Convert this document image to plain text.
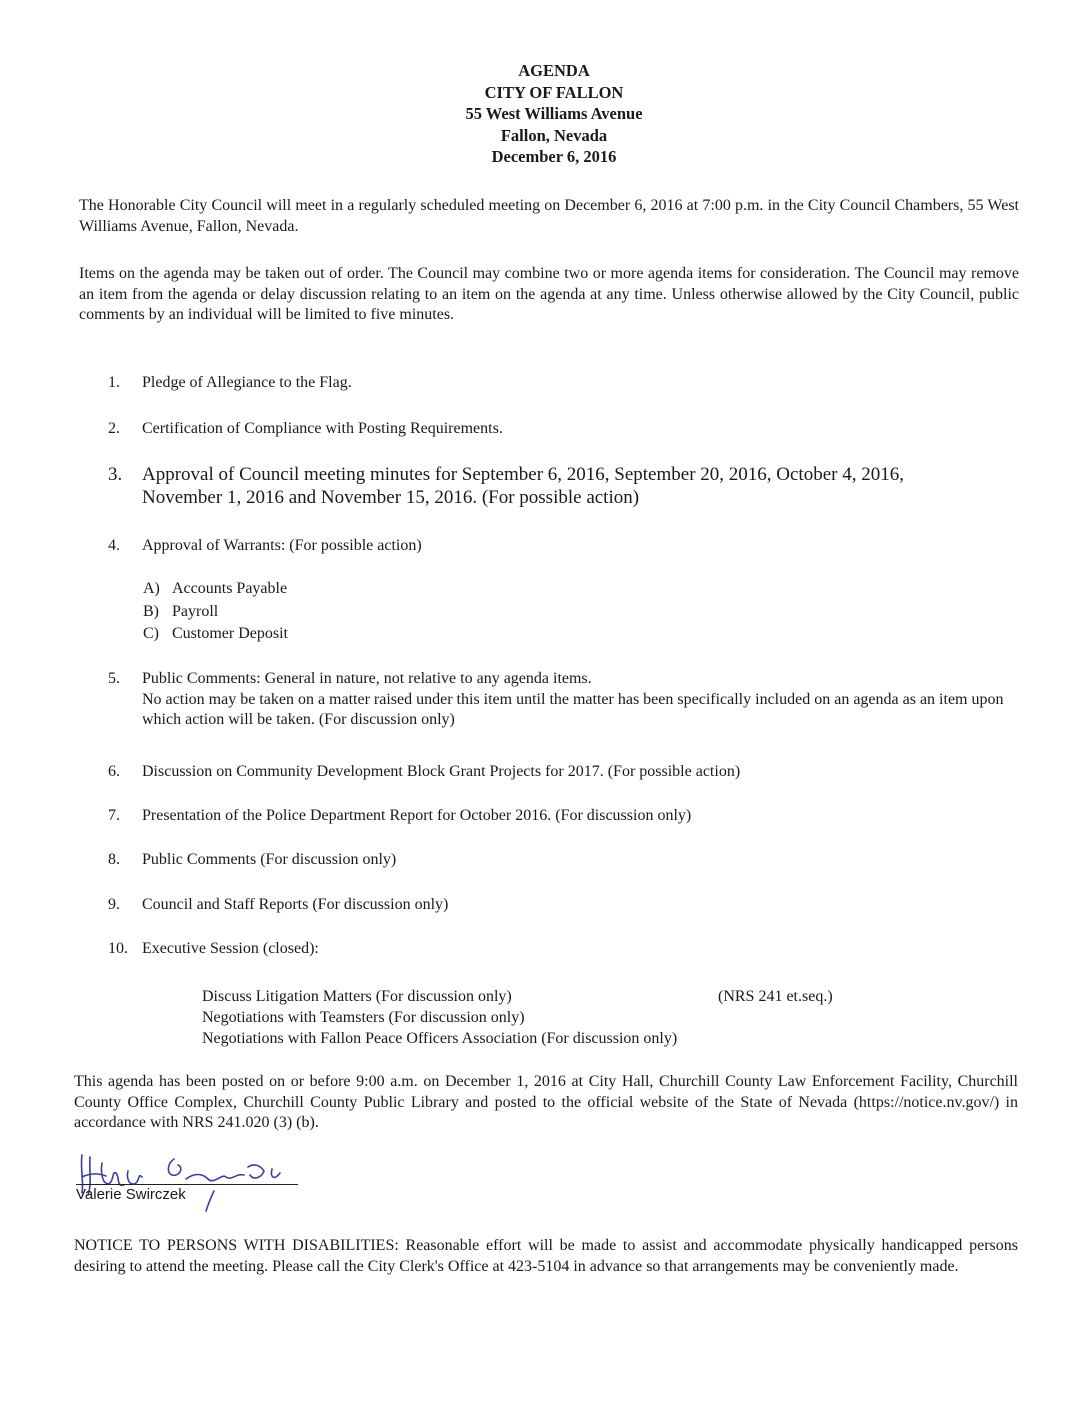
AGENDA
CITY OF FALLON
55 West Williams Avenue
Fallon, Nevada
December 6, 2016
The Honorable City Council will meet in a regularly scheduled meeting on December 6, 2016 at 7:00 p.m. in the City Council Chambers, 55 West Williams Avenue, Fallon, Nevada.
Items on the agenda may be taken out of order. The Council may combine two or more agenda items for consideration. The Council may remove an item from the agenda or delay discussion relating to an item on the agenda at any time. Unless otherwise allowed by the City Council, public comments by an individual will be limited to five minutes.
1. Pledge of Allegiance to the Flag.
2. Certification of Compliance with Posting Requirements.
3. Approval of Council meeting minutes for September 6, 2016, September 20, 2016, October 4, 2016,
November 1, 2016 and November 15, 2016. (For possible action)
4. Approval of Warrants: (For possible action)
A) Accounts Payable
B) Payroll
C) Customer Deposit
5. Public Comments: General in nature, not relative to any agenda items.
No action may be taken on a matter raised under this item until the matter has been specifically included on an agenda as an item upon which action will be taken. (For discussion only)
6. Discussion on Community Development Block Grant Projects for 2017. (For possible action)
7. Presentation of the Police Department Report for October 2016. (For discussion only)
8. Public Comments (For discussion only)
9. Council and Staff Reports (For discussion only)
10. Executive Session (closed):
Discuss Litigation Matters (For discussion only)	(NRS 241 et.seq.)
Negotiations with Teamsters (For discussion only)
Negotiations with Fallon Peace Officers Association (For discussion only)
This agenda has been posted on or before 9:00 a.m. on December 1, 2016 at City Hall, Churchill County Law Enforcement Facility, Churchill County Office Complex, Churchill County Public Library and posted to the official website of the State of Nevada (https://notice.nv.gov/) in accordance with NRS 241.020 (3) (b).
Valerie Swirczek
NOTICE TO PERSONS WITH DISABILITIES: Reasonable effort will be made to assist and accommodate physically handicapped persons desiring to attend the meeting. Please call the City Clerk's Office at 423-5104 in advance so that arrangements may be conveniently made.
